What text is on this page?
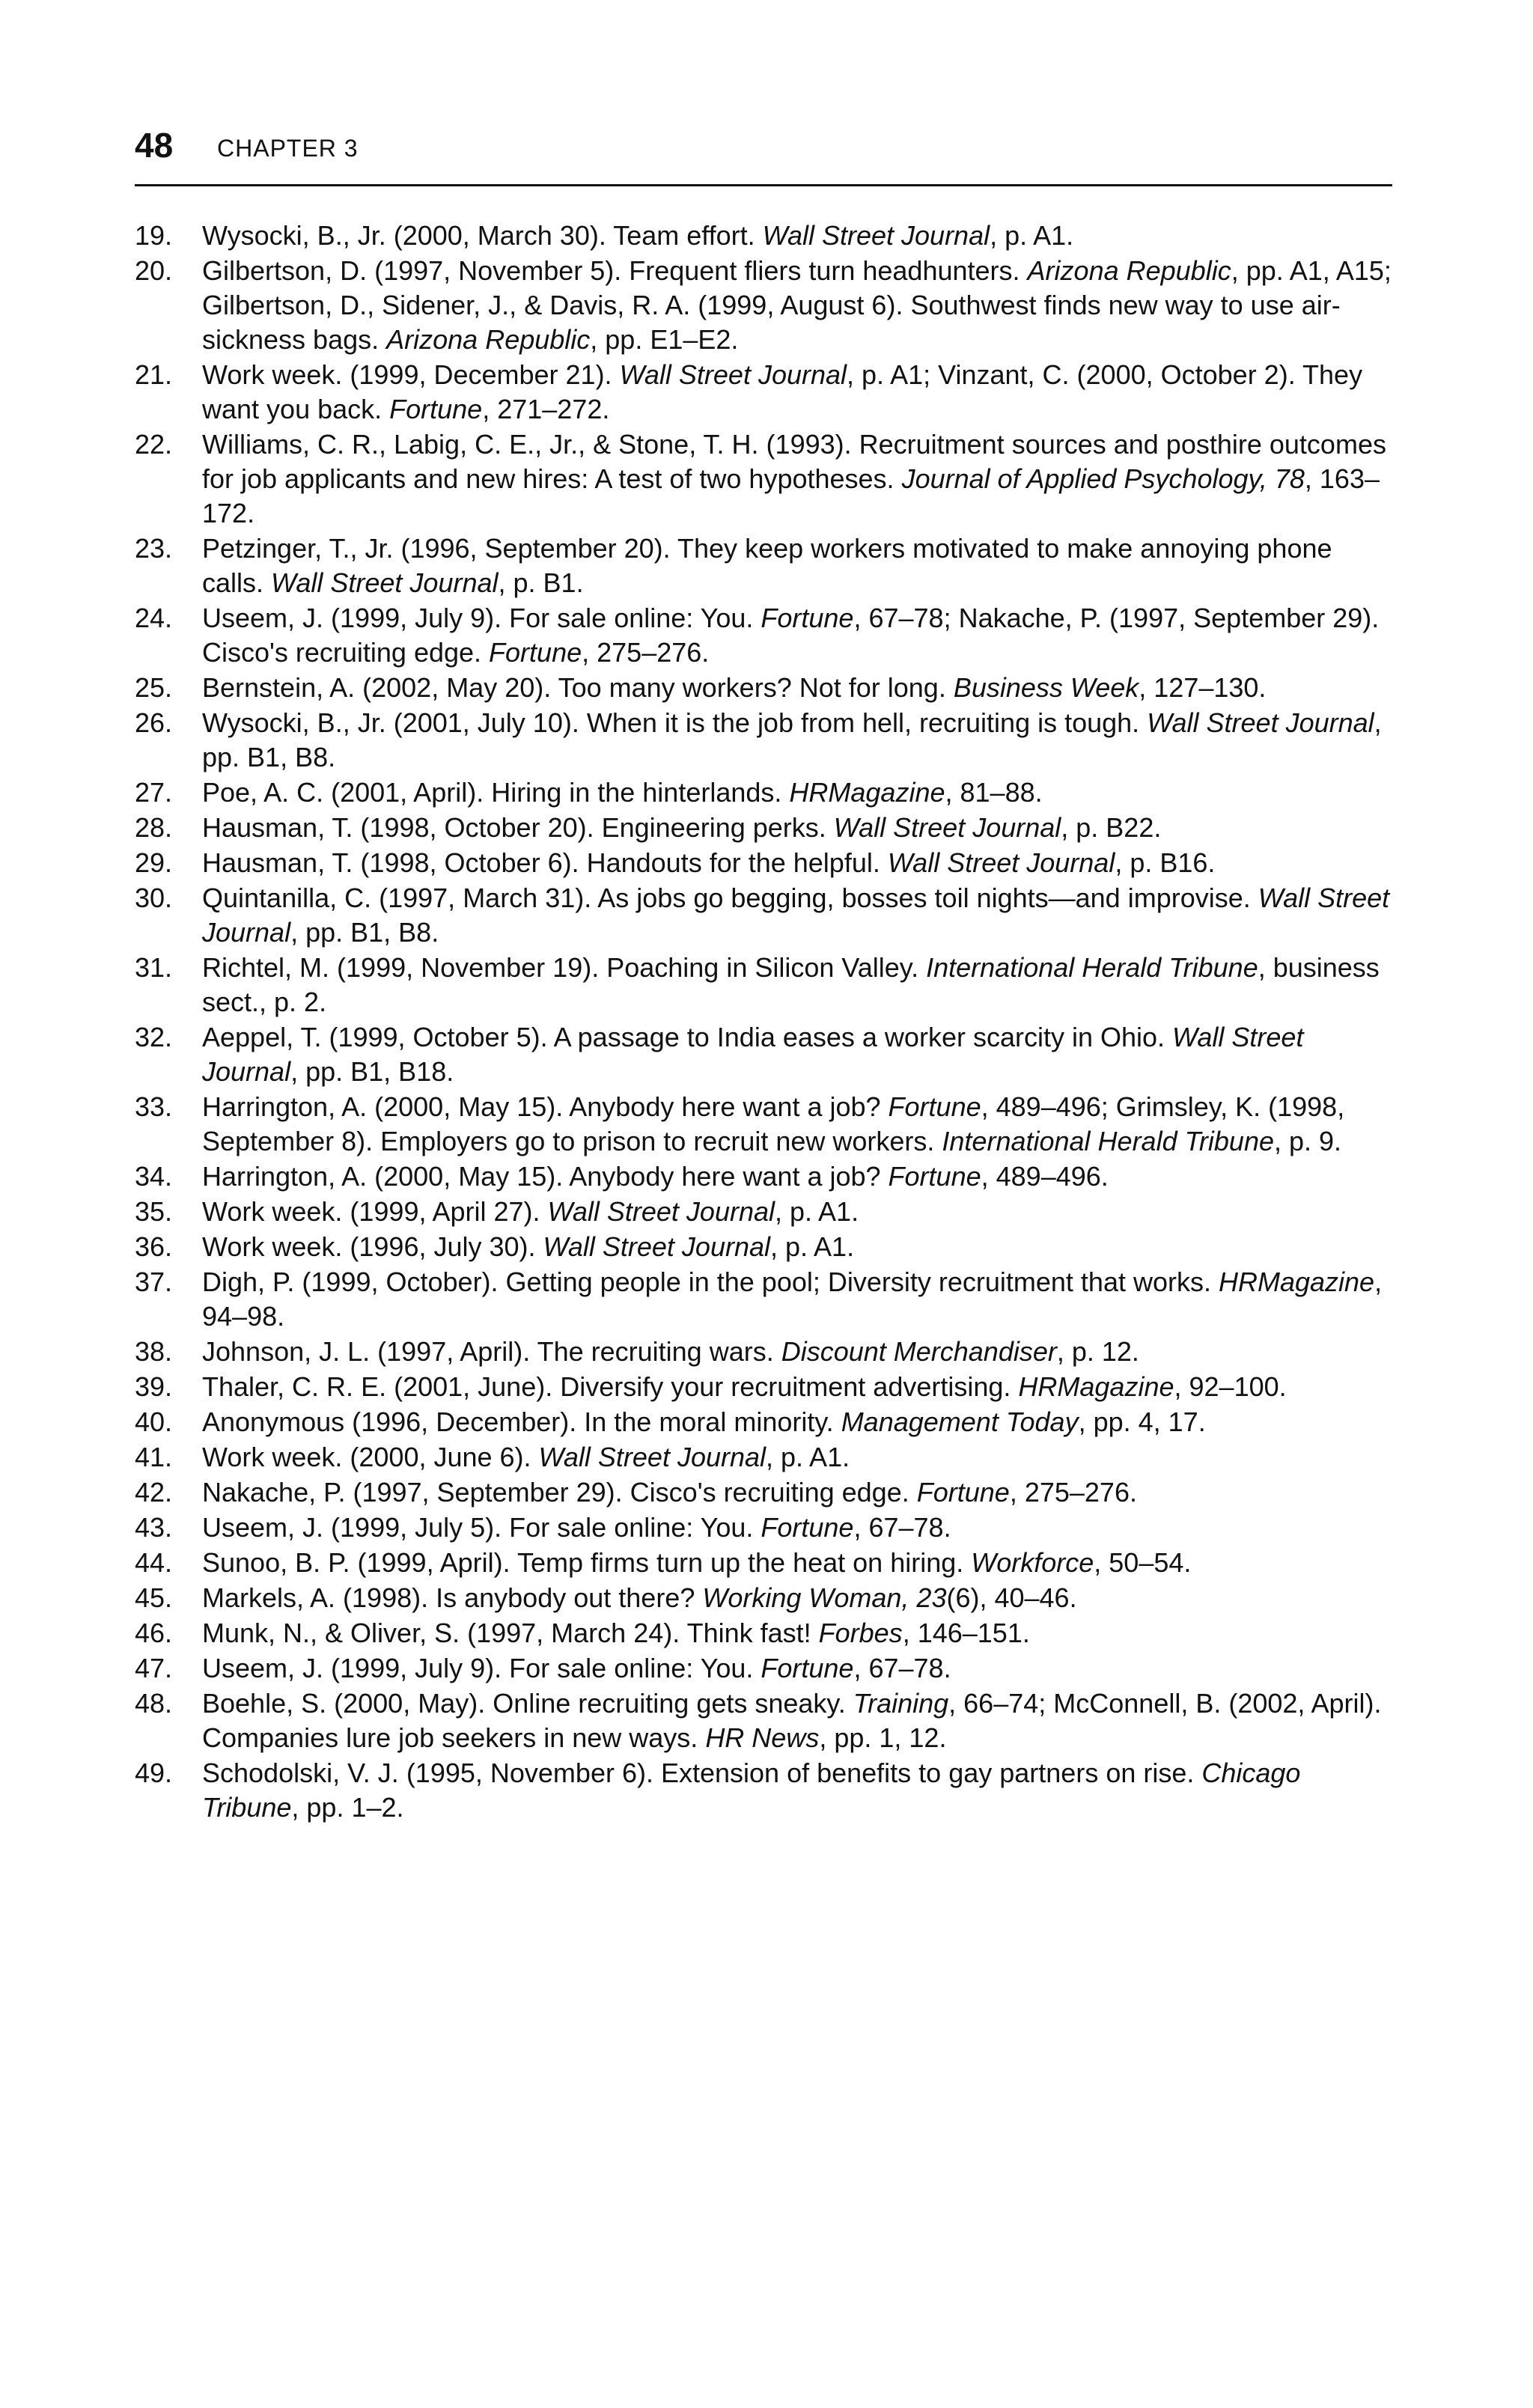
48 CHAPTER 3
19.	Wysocki, B., Jr. (2000, March 30). Team effort. Wall Street Journal, p. A1.
20.	Gilbertson, D. (1997, November 5). Frequent fliers turn headhunters. Arizona Republic, pp. A1, A15; Gilbertson, D., Sidener, J., & Davis, R. A. (1999, August 6). Southwest finds new way to use air-sickness bags. Arizona Republic, pp. E1–E2.
21.	Work week. (1999, December 21). Wall Street Journal, p. A1; Vinzant, C. (2000, October 2). They want you back. Fortune, 271–272.
22.	Williams, C. R., Labig, C. E., Jr., & Stone, T. H. (1993). Recruitment sources and posthire outcomes for job applicants and new hires: A test of two hypotheses. Journal of Applied Psychology, 78, 163–172.
23.	Petzinger, T., Jr. (1996, September 20). They keep workers motivated to make annoying phone calls. Wall Street Journal, p. B1.
24.	Useem, J. (1999, July 9). For sale online: You. Fortune, 67–78; Nakache, P. (1997, September 29). Cisco's recruiting edge. Fortune, 275–276.
25.	Bernstein, A. (2002, May 20). Too many workers? Not for long. Business Week, 127–130.
26.	Wysocki, B., Jr. (2001, July 10). When it is the job from hell, recruiting is tough. Wall Street Journal, pp. B1, B8.
27.	Poe, A. C. (2001, April). Hiring in the hinterlands. HRMagazine, 81–88.
28.	Hausman, T. (1998, October 20). Engineering perks. Wall Street Journal, p. B22.
29.	Hausman, T. (1998, October 6). Handouts for the helpful. Wall Street Journal, p. B16.
30.	Quintanilla, C. (1997, March 31). As jobs go begging, bosses toil nights—and improvise. Wall Street Journal, pp. B1, B8.
31.	Richtel, M. (1999, November 19). Poaching in Silicon Valley. International Herald Tribune, business sect., p. 2.
32.	Aeppel, T. (1999, October 5). A passage to India eases a worker scarcity in Ohio. Wall Street Journal, pp. B1, B18.
33.	Harrington, A. (2000, May 15). Anybody here want a job? Fortune, 489–496; Grimsley, K. (1998, September 8). Employers go to prison to recruit new workers. International Herald Tribune, p. 9.
34.	Harrington, A. (2000, May 15). Anybody here want a job? Fortune, 489–496.
35.	Work week. (1999, April 27). Wall Street Journal, p. A1.
36.	Work week. (1996, July 30). Wall Street Journal, p. A1.
37.	Digh, P. (1999, October). Getting people in the pool; Diversity recruitment that works. HRMagazine, 94–98.
38.	Johnson, J. L. (1997, April). The recruiting wars. Discount Merchandiser, p. 12.
39.	Thaler, C. R. E. (2001, June). Diversify your recruitment advertising. HRMagazine, 92–100.
40.	Anonymous (1996, December). In the moral minority. Management Today, pp. 4, 17.
41.	Work week. (2000, June 6). Wall Street Journal, p. A1.
42.	Nakache, P. (1997, September 29). Cisco's recruiting edge. Fortune, 275–276.
43.	Useem, J. (1999, July 5). For sale online: You. Fortune, 67–78.
44.	Sunoo, B. P. (1999, April). Temp firms turn up the heat on hiring. Workforce, 50–54.
45.	Markels, A. (1998). Is anybody out there? Working Woman, 23(6), 40–46.
46.	Munk, N., & Oliver, S. (1997, March 24). Think fast! Forbes, 146–151.
47.	Useem, J. (1999, July 9). For sale online: You. Fortune, 67–78.
48.	Boehle, S. (2000, May). Online recruiting gets sneaky. Training, 66–74; McConnell, B. (2002, April). Companies lure job seekers in new ways. HR News, pp. 1, 12.
49.	Schodolski, V. J. (1995, November 6). Extension of benefits to gay partners on rise. Chicago Tribune, pp. 1–2.
